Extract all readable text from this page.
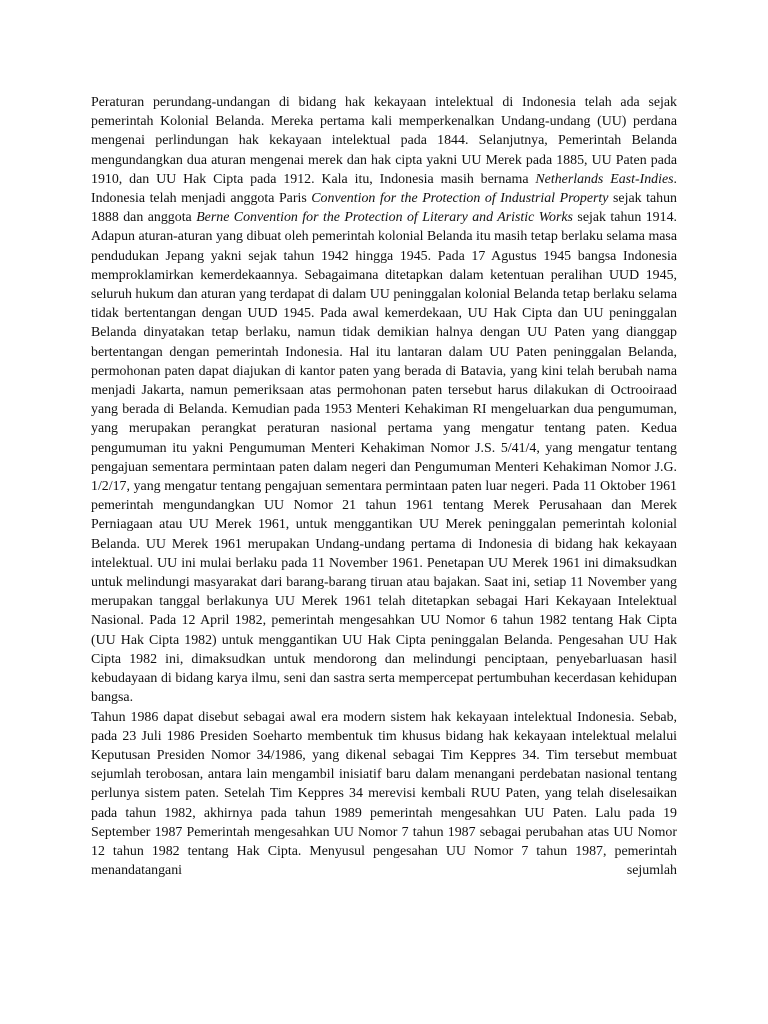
Peraturan perundang-undangan di bidang hak kekayaan intelektual di Indonesia telah ada sejak pemerintah Kolonial Belanda. Mereka pertama kali memperkenalkan Undang-undang (UU) perdana mengenai perlindungan hak kekayaan intelektual pada 1844. Selanjutnya, Pemerintah Belanda mengundangkan dua aturan mengenai merek dan hak cipta yakni UU Merek pada 1885, UU Paten pada 1910, dan UU Hak Cipta pada 1912. Kala itu, Indonesia masih bernama Netherlands East-Indies. Indonesia telah menjadi anggota Paris Convention for the Protection of Industrial Property sejak tahun 1888 dan anggota Berne Convention for the Protection of Literary and Aristic Works sejak tahun 1914. Adapun aturan-aturan yang dibuat oleh pemerintah kolonial Belanda itu masih tetap berlaku selama masa pendudukan Jepang yakni sejak tahun 1942 hingga 1945. Pada 17 Agustus 1945 bangsa Indonesia memproklamirkan kemerdekaannya. Sebagaimana ditetapkan dalam ketentuan peralihan UUD 1945, seluruh hukum dan aturan yang terdapat di dalam UU peninggalan kolonial Belanda tetap berlaku selama tidak bertentangan dengan UUD 1945. Pada awal kemerdekaan, UU Hak Cipta dan UU peninggalan Belanda dinyatakan tetap berlaku, namun tidak demikian halnya dengan UU Paten yang dianggap bertentangan dengan pemerintah Indonesia. Hal itu lantaran dalam UU Paten peninggalan Belanda, permohonan paten dapat diajukan di kantor paten yang berada di Batavia, yang kini telah berubah nama menjadi Jakarta, namun pemeriksaan atas permohonan paten tersebut harus dilakukan di Octrooiraad yang berada di Belanda. Kemudian pada 1953 Menteri Kehakiman RI mengeluarkan dua pengumuman, yang merupakan perangkat peraturan nasional pertama yang mengatur tentang paten. Kedua pengumuman itu yakni Pengumuman Menteri Kehakiman Nomor J.S. 5/41/4, yang mengatur tentang pengajuan sementara permintaan paten dalam negeri dan Pengumuman Menteri Kehakiman Nomor J.G. 1/2/17, yang mengatur tentang pengajuan sementara permintaan paten luar negeri. Pada 11 Oktober 1961 pemerintah mengundangkan UU Nomor 21 tahun 1961 tentang Merek Perusahaan dan Merek Perniagaan atau UU Merek 1961, untuk menggantikan UU Merek peninggalan pemerintah kolonial Belanda. UU Merek 1961 merupakan Undang-undang pertama di Indonesia di bidang hak kekayaan intelektual. UU ini mulai berlaku pada 11 November 1961. Penetapan UU Merek 1961 ini dimaksudkan untuk melindungi masyarakat dari barang-barang tiruan atau bajakan. Saat ini, setiap 11 November yang merupakan tanggal berlakunya UU Merek 1961 telah ditetapkan sebagai Hari Kekayaan Intelektual Nasional. Pada 12 April 1982, pemerintah mengesahkan UU Nomor 6 tahun 1982 tentang Hak Cipta (UU Hak Cipta 1982) untuk menggantikan UU Hak Cipta peninggalan Belanda. Pengesahan UU Hak Cipta 1982 ini, dimaksudkan untuk mendorong dan melindungi penciptaan, penyebarluasan hasil kebudayaan di bidang karya ilmu, seni dan sastra serta mempercepat pertumbuhan kecerdasan kehidupan bangsa.
Tahun 1986 dapat disebut sebagai awal era modern sistem hak kekayaan intelektual Indonesia. Sebab, pada 23 Juli 1986 Presiden Soeharto membentuk tim khusus bidang hak kekayaan intelektual melalui Keputusan Presiden Nomor 34/1986, yang dikenal sebagai Tim Keppres 34. Tim tersebut membuat sejumlah terobosan, antara lain mengambil inisiatif baru dalam menangani perdebatan nasional tentang perlunya sistem paten. Setelah Tim Keppres 34 merevisi kembali RUU Paten, yang telah diselesaikan pada tahun 1982, akhirnya pada tahun 1989 pemerintah mengesahkan UU Paten. Lalu pada 19 September 1987 Pemerintah mengesahkan UU Nomor 7 tahun 1987 sebagai perubahan atas UU Nomor 12 tahun 1982 tentang Hak Cipta. Menyusul pengesahan UU Nomor 7 tahun 1987, pemerintah menandatangani sejumlah
